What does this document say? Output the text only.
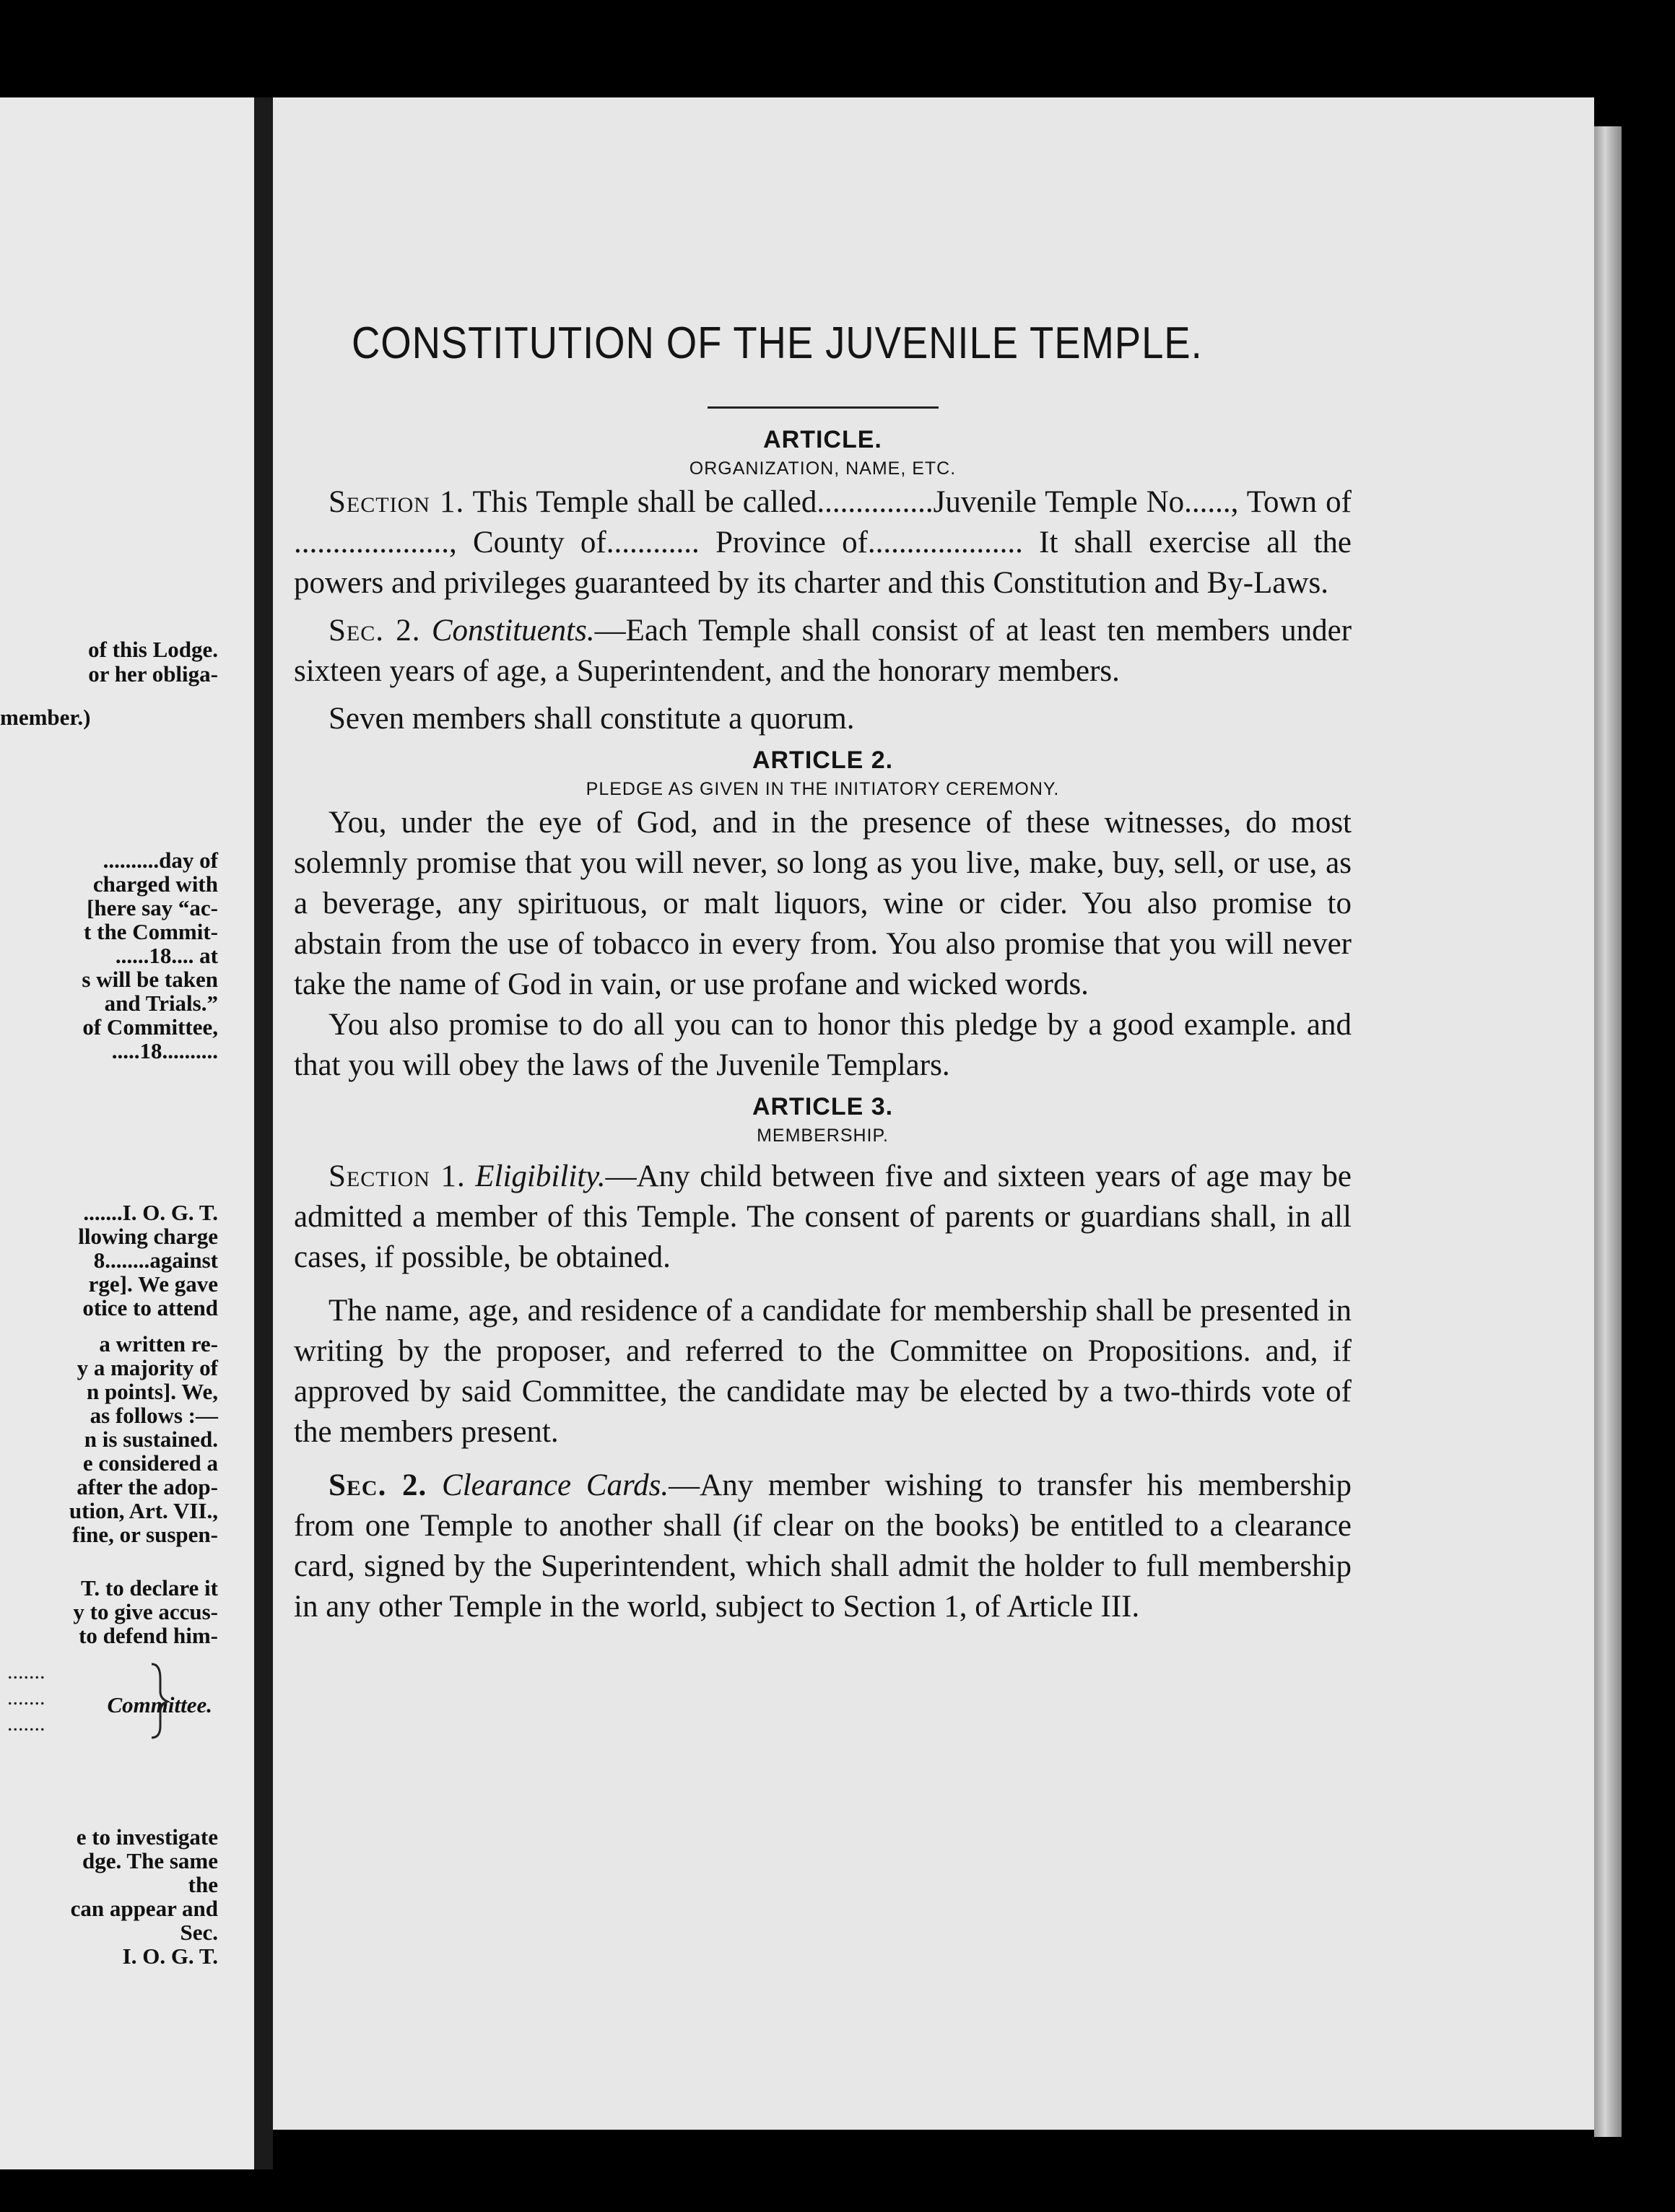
of this Lodge.
or her obliga-
member.)
..........day of
charged with
[here say “ac-
t the Commit-
......18.... at
s will be taken
and Trials.”
of Committee,
.....18..........
.......I. O. G. T.
llowing charge
8........against
rge]. We gave
otice to attend
a written re-
y a majority of
n points]. We,
as follows :—
n is sustained.
e considered a
after the adop-
ution, Art. VII.,
fine, or suspen-
T. to declare it
y to give accus-
to defend him-
Committee.
e to investigate
dge. The same
the
can appear and
Sec.
I. O. G. T.
.......
.......
.......
CONSTITUTION OF THE JUVENILE TEMPLE.
ARTICLE.
ORGANIZATION, NAME, ETC.

Section 1. This Temple shall be called...............Juvenile Temple No......, Town of ...................., County of............ Province of.................... It shall exercise all the powers and privileges guaranteed by its charter and this Constitution and By-Laws.

Sec. 2. Constituents.—Each Temple shall consist of at least ten members under sixteen years of age, a Superintendent, and the honorary members.

Seven members shall constitute a quorum.

ARTICLE 2.
PLEDGE AS GIVEN IN THE INITIATORY CEREMONY.

You, under the eye of God, and in the presence of these witnesses, do most solemnly promise that you will never, so long as you live, make, buy, sell, or use, as a beverage, any spirituous, or malt liquors, wine or cider. You also promise to abstain from the use of tobacco in every from. You also promise that you will never take the name of God in vain, or use profane and wicked words.

You also promise to do all you can to honor this pledge by a good example. and that you will obey the laws of the Juvenile Templars.

ARTICLE 3.
MEMBERSHIP.

Section 1. Eligibility.—Any child between five and sixteen years of age may be admitted a member of this Temple. The consent of parents or guardians shall, in all cases, if possible, be obtained.

The name, age, and residence of a candidate for membership shall be presented in writing by the proposer, and referred to the Committee on Propositions. and, if approved by said Committee, the candidate may be elected by a two-thirds vote of the members present.

Sec. 2. Clearance Cards.—Any member wishing to transfer his membership from one Temple to another shall (if clear on the books) be entitled to a clearance card, signed by the Superintendent, which shall admit the holder to full membership in any other Temple in the world, subject to Section 1, of Article III.
